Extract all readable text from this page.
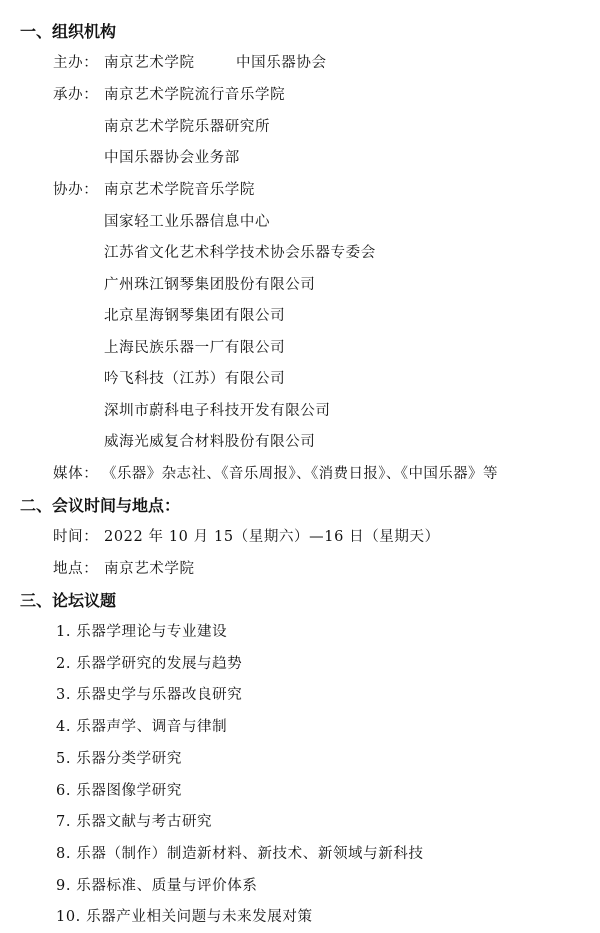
一、组织机构
主办： 南京艺术学院	中国乐器协会
承办： 南京艺术学院流行音乐学院
南京艺术学院乐器研究所
中国乐器协会业务部
协办： 南京艺术学院音乐学院
国家轻工业乐器信息中心
江苏省文化艺术科学技术协会乐器专委会
广州珠江钢琴集团股份有限公司
北京星海钢琴集团有限公司
上海民族乐器一厂有限公司
吟飞科技（江苏）有限公司
深圳市蔚科电子科技开发有限公司
威海光威复合材料股份有限公司
媒体： 《乐器》杂志社、《音乐周报》、《消费日报》、《中国乐器》等
二、会议时间与地点：
时间： 2022 年 10 月 15（星期六）—16 日（星期天）
地点： 南京艺术学院
三、论坛议题
1. 乐器学理论与专业建设
2. 乐器学研究的发展与趋势
3. 乐器史学与乐器改良研究
4. 乐器声学、调音与律制
5. 乐器分类学研究
6. 乐器图像学研究
7. 乐器文献与考古研究
8. 乐器（制作）制造新材料、新技术、新领域与新科技
9. 乐器标准、质量与评价体系
10. 乐器产业相关问题与未来发展对策
